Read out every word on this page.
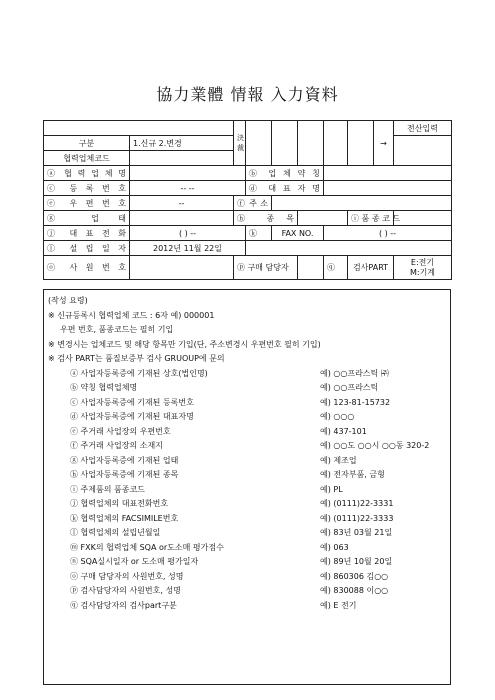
協力業體 情報 入力資料

		決
裁						→	전산입력
구분	1.신규 2.변경								
협력업체코드									
ⓐ 협 력 업 체 명			ⓑ 업 체 약 칭						
ⓒ 등 록 번 호	-- --		ⓓ 대 표 자 명						
ⓔ 우 편 번 호	--	ⓕ 주 소							
ⓖ 업 태		ⓗ 종 목					ⓘ 품 종 코 드		
ⓙ 대 표 전 화	( ) --		ⓚ	FAX NO.		( ) --			
ⓛ 설 립 일 자	2012년 11월 22일								
ⓞ 사 원 번 호		ⓟ 구매 담당자				ⓠ	검사PART		E:전기
M:기계
(작성 요령)
※ 신규등록시 협력업체 코드 : 6자 예) 000001
우편 번호, 품종코드는 필히 기입
※ 변경시는 업체코드 및 해당 항목만 기입(단, 주소변경시 우편번호 필히 기입)
※ 검사 PART는 품질보증부 검사 GRUOUP에 문의
ⓐ 사업자등록증에 기재된 상호(법인명)	예) ○○프라스틱 ㈜
ⓑ 약칭 협력업체명	예) ○○프라스틱
ⓒ 사업자등록증에 기재된 등록번호	예) 123-81-15732
ⓓ 사업자등록증에 기재된 대표자명	예) ○○○
ⓔ 주거래 사업장의 우편번호	예) 437-101
ⓕ 주거래 사업장의 소재지	예) ○○도 ○○시 ○○동 320-2
ⓖ 사업자등록증에 기재된 업태	예) 제조업
ⓗ 사업자등록증에 기재된 종목	예) 전자부품, 금형
ⓘ 주제품의 품종코드	예) PL
ⓙ 협력업체의 대표전화번호	예) (0111)22-3331
ⓚ 협력업체의 FACSIMILE번호	예) (0111)22-3333
ⓛ 협력업체의 설립년월일	예) 83년 03월 21일
ⓜ FXK의 협력업체 SQA or도소매 평가점수	예) 063
ⓝ SQA실시일자 or 도소매 평가일자	예) 89년 10월 20일
ⓞ 구매 담당자의 사원번호, 성명	예) 860306 김○○
ⓟ 검사담당자의 사원번호, 성명	예) 830088 이○○
ⓠ 검사담당자의 검사part구분	예) E 전기
